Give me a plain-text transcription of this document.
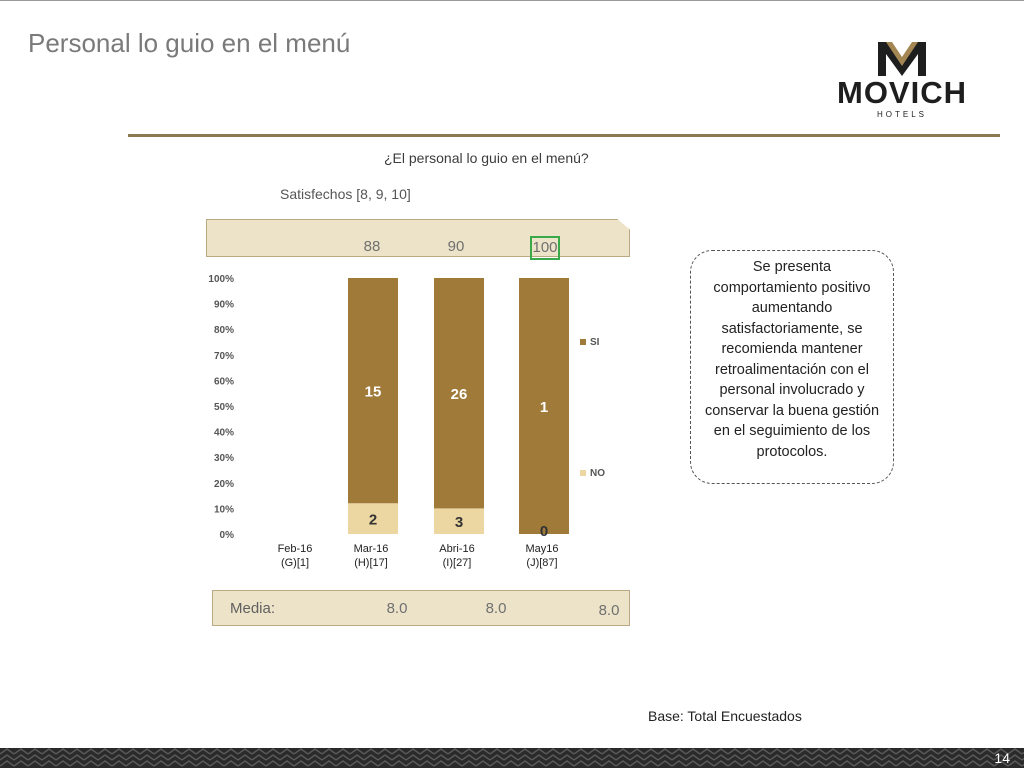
Personal lo guio en el menú
MOVICH
HOTELS
¿El personal lo guio en el menú?
Satisfechos [8, 9, 10]
88	90	100
100%
90%
80%
70%
60%
50%
40%
30%
20%
10%
0%
Feb-16
(G)[1]
15
2
Mar-16
(H)[17]
26
3
Abri-16
(I)[27]
1
0
May16
(J)[87]
SI
NO
Media:	8.0	8.0	8.0
Se presenta comportamiento positivo aumentando satisfactoriamente, se recomienda mantener retroalimentación con el personal involucrado y conservar la buena gestión en el seguimiento de los protocolos.
Base: Total Encuestados
14
